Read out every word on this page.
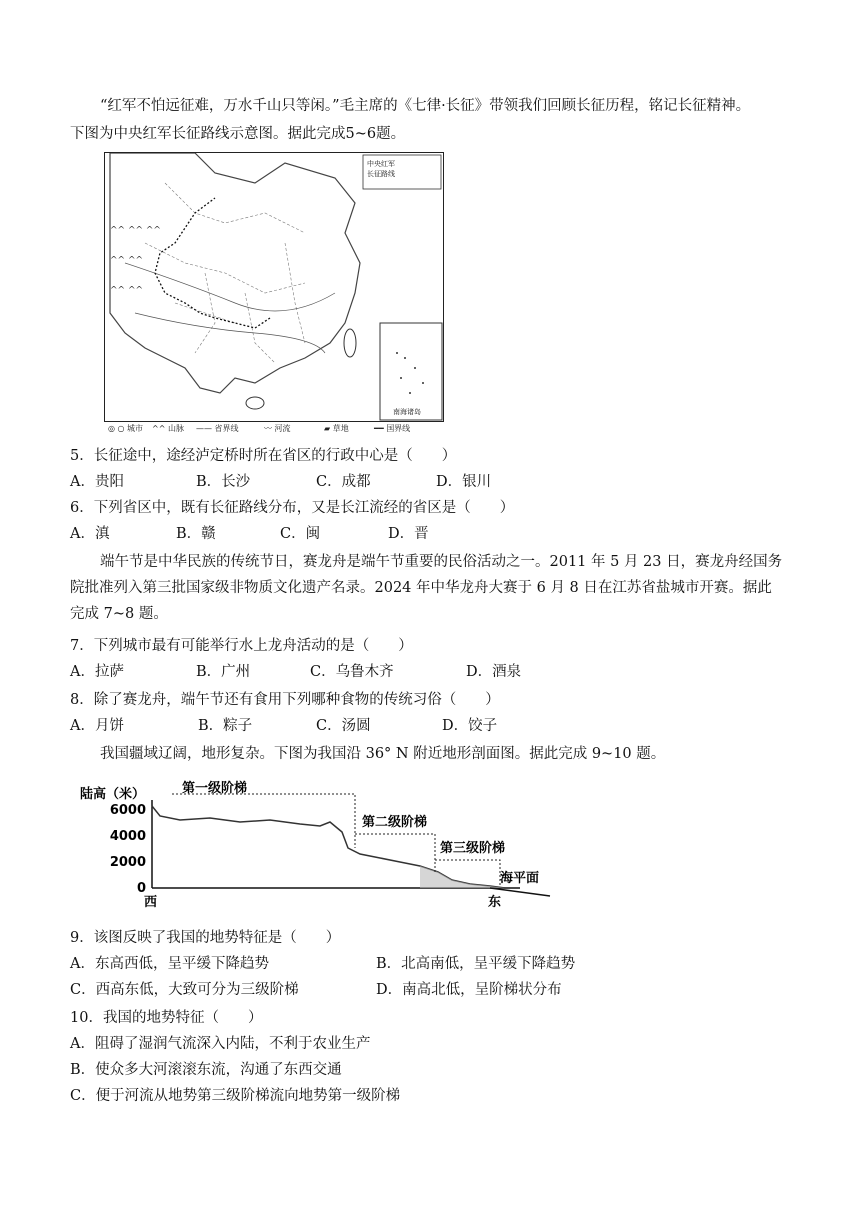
“红军不怕远征难，万水千山只等闲。”毛主席的《七律·长征》带领我们回顾长征历程，铭记长征精神。
下图为中央红军长征路线示意图。据此完成5~6题。
^^ ^^ ^^
^^ ^^
^^ ^^
中央红军
长征路线
南海诸岛
◎ ○ 城市 ^^ 山脉 —— 省界线	〰 河流	▰ 草地	━━ 国界线
5．长征途中，途经泸定桥时所在省区的行政中心是（　　）
A．贵阳	B．长沙	C．成都	D．银川
6．下列省区中，既有长征路线分布，又是长江流经的省区是（　　）
A．滇	B．赣	C．闽	D．晋
端午节是中华民族的传统节日，赛龙舟是端午节重要的民俗活动之一。2011 年 5 月 23 日，赛龙舟经国务
院批准列入第三批国家级非物质文化遗产名录。2024 年中华龙舟大赛于 6 月 8 日在江苏省盐城市开赛。据此
完成 7~8 题。
7．下列城市最有可能举行水上龙舟活动的是（　　）
A．拉萨	B．广州	C．乌鲁木齐	D．酒泉
8．除了赛龙舟，端午节还有食用下列哪种食物的传统习俗（　　）
A．月饼	B．粽子	C．汤圆	D．饺子
我国疆域辽阔，地形复杂。下图为我国沿 36° N 附近地形剖面图。据此完成 9~10 题。
6000
4000
2000
0
陆高（米）	第一级阶梯
第二级阶梯
第三级阶梯
海平面
西	东
9．该图反映了我国的地势特征是（　　）
A．东高西低，呈平缓下降趋势	B．北高南低，呈平缓下降趋势
C．西高东低，大致可分为三级阶梯	D．南高北低，呈阶梯状分布
10．我国的地势特征（　　）
A．阻碍了湿润气流深入内陆，不利于农业生产
B．使众多大河滚滚东流，沟通了东西交通
C．便于河流从地势第三级阶梯流向地势第一级阶梯
